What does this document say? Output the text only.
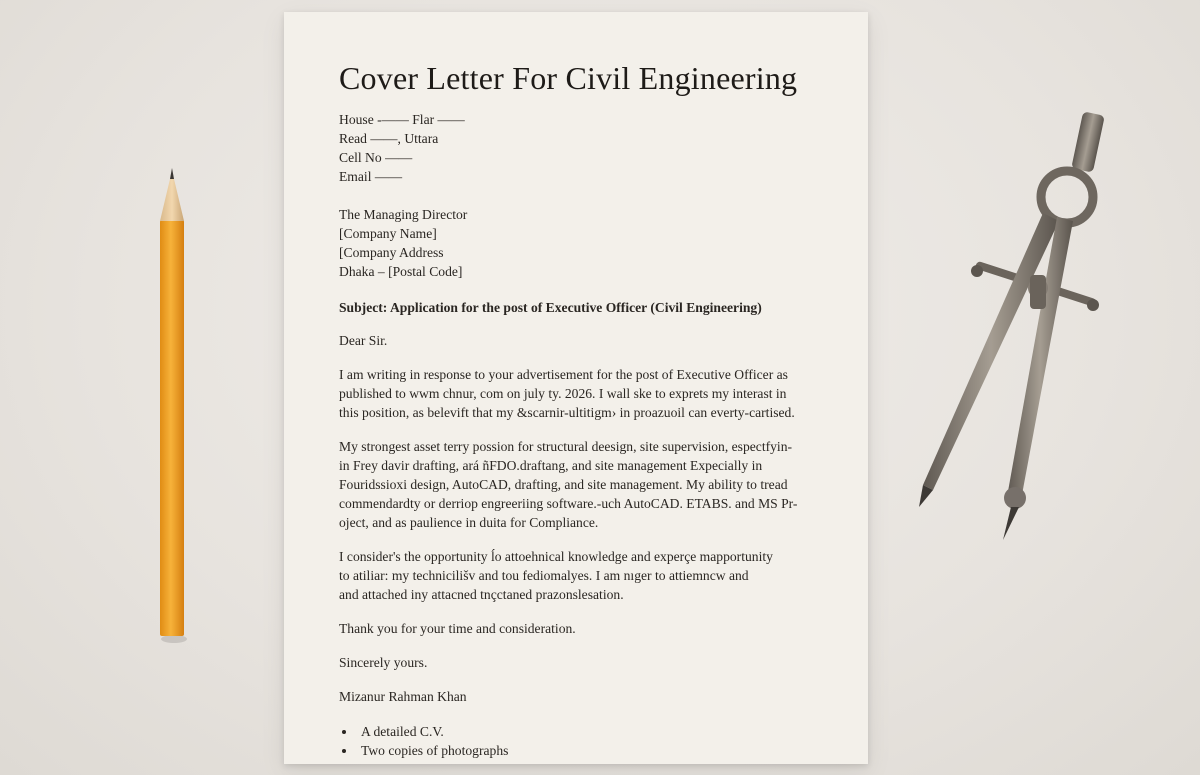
Cover Letter For Civil Engineering
House -—— Flar ——
Read ——, Uttara
Cell No ——
Email ——
The Managing Director
[Company Name]
[Company Address
Dhaka – [Postal Code]
Subject: Application for the post of Executive Officer (Civil Engineering)
Dear Sir.
I am writing in response to your advertisement for the post of Executive Officer as
published to wwm chnur, com on july ty. 2026. I wall ske to exprets my interast in
this position, as belevift that my &scarnir-ultitigm› in proazuoil can everty-cartised.
My strongest asset terry possion for structural deesign, site supervision, espectfyin-
in Frey davir drafting, ará ñFDO.draftang, and site management Expecially in
Fouridssioxi design, AutoCAD, drafting, and site management. My ability to tread
commendardty or derriop engreeriing software.-uch AutoCAD. ETABS. and MS Pr-
oject, and as paulience in duita for Compliance.
I consider's the opportunity ĺo attoehnical knowledge and experçe mapportunity
to atiliar: my technicilišv and tou fediomalyes. I am nıger to attiemncw and
and attached iny attacned tnçctaned prazonslesation.
Thank you for your time and consideration.
Sincerely yours.
Mizanur Rahman Khan
• A detailed C.V.
• Two copies of photographs
